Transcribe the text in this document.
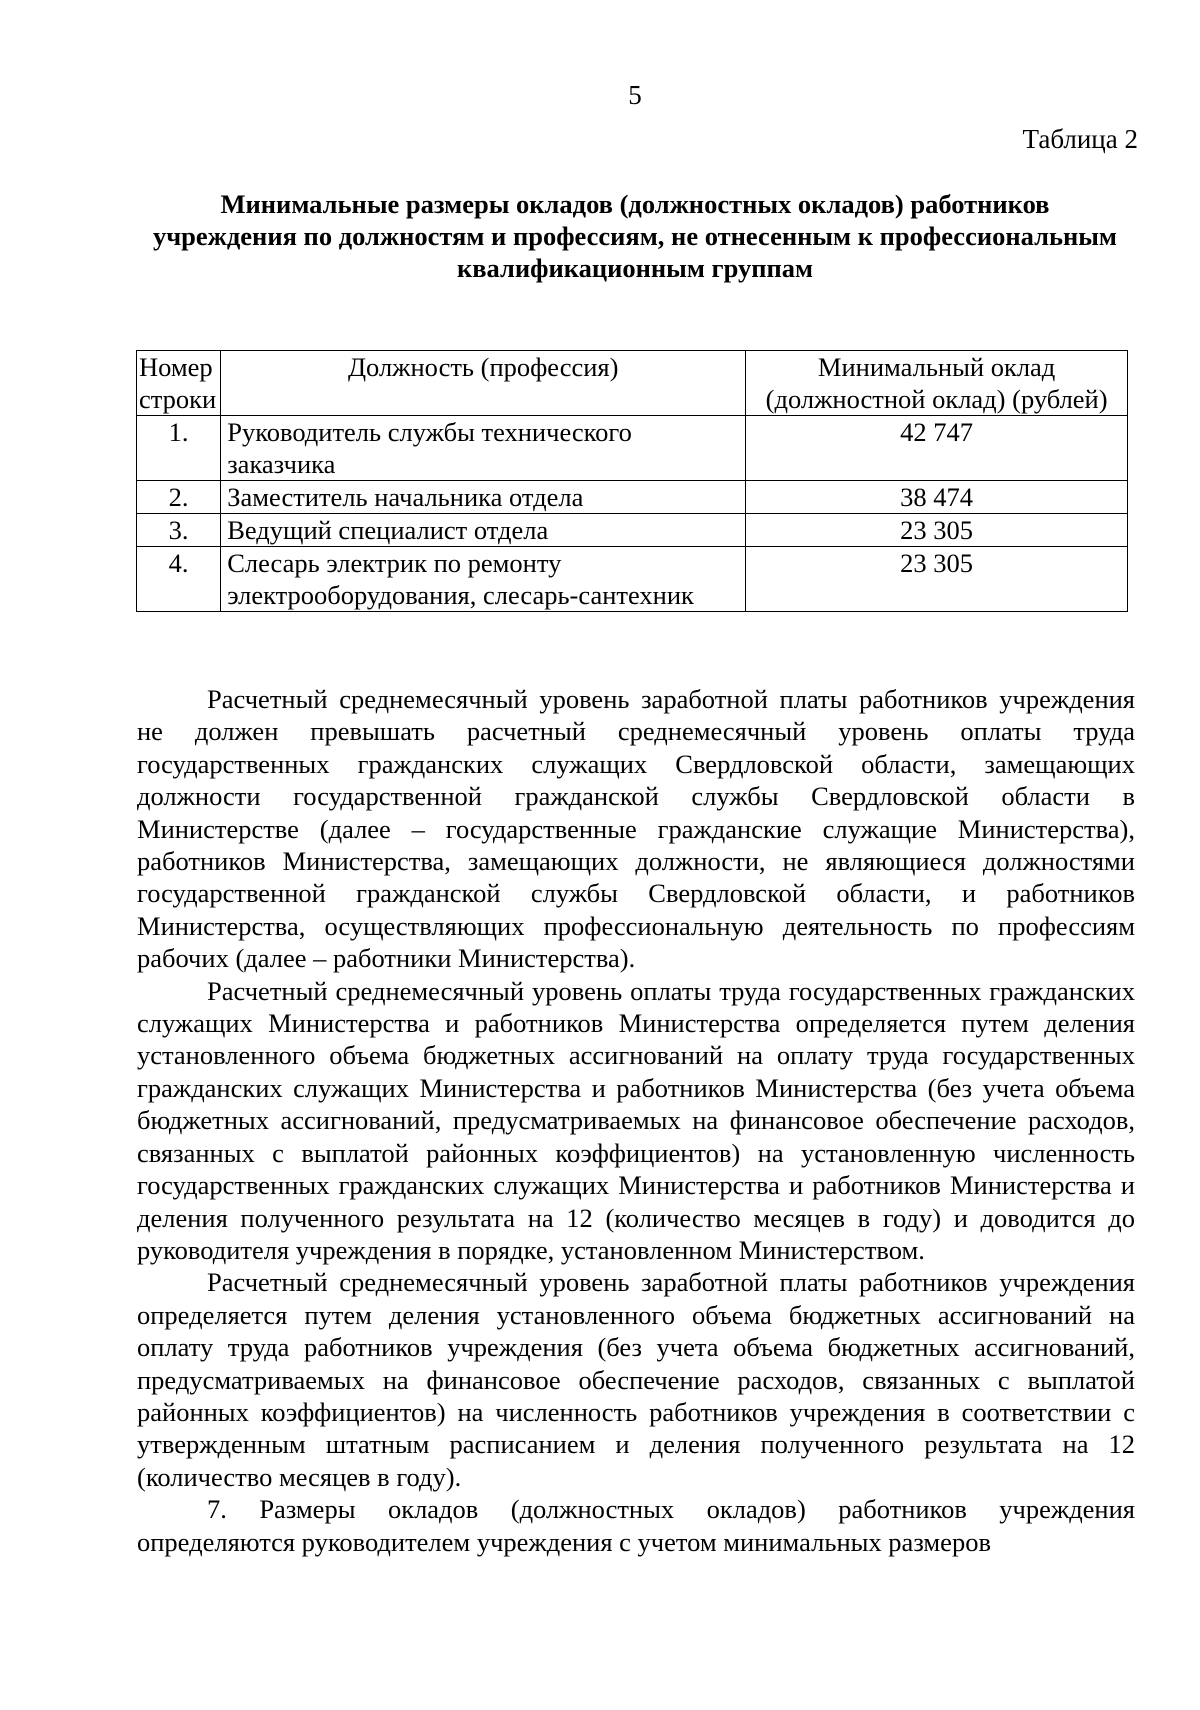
5
Таблица 2
Минимальные размеры окладов (должностных окладов) работников учреждения по должностям и профессиям, не отнесенным к профессиональным квалификационным группам
Номер строки	Должность (профессия)	Минимальный оклад (должностной оклад) (рублей)
1.	Руководитель службы технического заказчика	42 747
2.	Заместитель начальника отдела	38 474
3.	Ведущий специалист отдела	23 305
4.	Слесарь электрик по ремонту электрооборудования, слесарь-сантехник	23 305

Расчетный среднемесячный уровень заработной платы работников учреждения не должен превышать расчетный среднемесячный уровень оплаты труда государственных гражданских служащих Свердловской области, замещающих должности государственной гражданской службы Свердловской области в Министерстве (далее – государственные гражданские служащие Министерства), работников Министерства, замещающих должности, не являющиеся должностями государственной гражданской службы Свердловской области, и работников Министерства, осуществляющих профессиональную деятельность по профессиям рабочих (далее – работники Министерства).

Расчетный среднемесячный уровень оплаты труда государственных гражданских служащих Министерства и работников Министерства определяется путем деления установленного объема бюджетных ассигнований на оплату труда государственных гражданских служащих Министерства и работников Министерства (без учета объема бюджетных ассигнований, предусматриваемых на финансовое обеспечение расходов, связанных с выплатой районных коэффициентов) на установленную численность государственных гражданских служащих Министерства и работников Министерства и деления полученного результата на 12 (количество месяцев в году) и доводится до руководителя учреждения в порядке, установленном Министерством.

Расчетный среднемесячный уровень заработной платы работников учреждения определяется путем деления установленного объема бюджетных ассигнований на оплату труда работников учреждения (без учета объема бюджетных ассигнований, предусматриваемых на финансовое обеспечение расходов, связанных с выплатой районных коэффициентов) на численность работников учреждения в соответствии с утвержденным штатным расписанием и деления полученного результата на 12 (количество месяцев в году).

7. Размеры окладов (должностных окладов) работников учреждения определяются руководителем учреждения с учетом минимальных размеров
